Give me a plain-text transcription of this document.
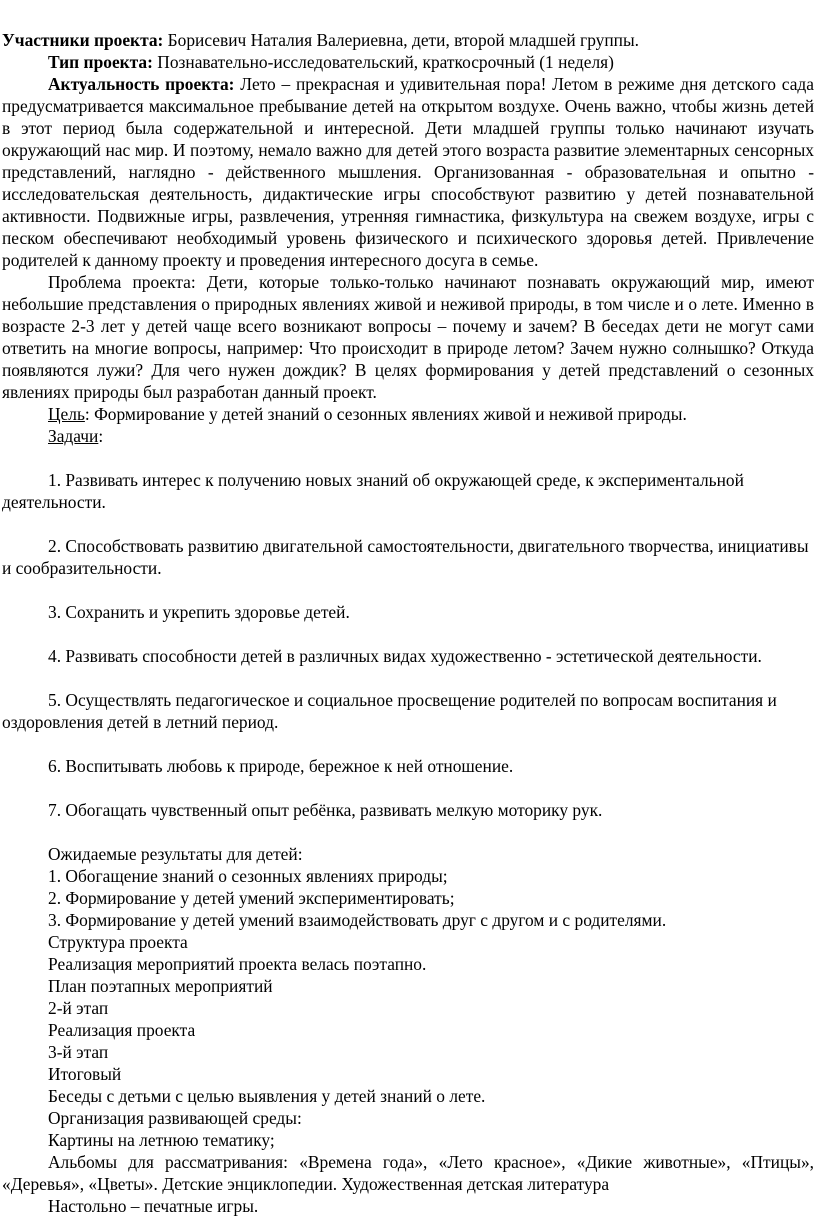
Участники проекта: Борисевич Наталия Валериевна, дети, второй младшей группы.

Тип проекта: Познавательно-исследовательский, краткосрочный (1 неделя)

Актуальность проекта: Лето – прекрасная и удивительная пора! Летом в режиме дня детского сада предусматривается максимальное пребывание детей на открытом воздухе. Очень важно, чтобы жизнь детей в этот период была содержательной и интересной. Дети младшей группы только начинают изучать окружающий нас мир. И поэтому, немало важно для детей этого возраста развитие элементарных сенсорных представлений, наглядно - действенного мышления. Организованная - образовательная и опытно - исследовательская деятельность, дидактические игры способствуют развитию у детей познавательной активности. Подвижные игры, развлечения, утренняя гимнастика, физкультура на свежем воздухе, игры с песком обеспечивают необходимый уровень физического и психического здоровья детей. Привлечение родителей к данному проекту и проведения интересного досуга в семье.

Проблема проекта: Дети, которые только-только начинают познавать окружающий мир, имеют небольшие представления о природных явлениях живой и неживой природы, в том числе и о лете. Именно в возрасте 2-3 лет у детей чаще всего возникают вопросы – почему и зачем? В беседах дети не могут сами ответить на многие вопросы, например: Что происходит в природе летом? Зачем нужно солнышко? Откуда появляются лужи? Для чего нужен дождик? В целях формирования у детей представлений о сезонных явлениях природы был разработан данный проект.

Цель: Формирование у детей знаний о сезонных явлениях живой и неживой природы.

Задачи:

1. Развивать интерес к получению новых знаний об окружающей среде, к экспериментальной деятельности.

2. Способствовать развитию двигательной самостоятельности, двигательного творчества, инициативы и сообразительности.

3. Сохранить и укрепить здоровье детей.

4. Развивать способности детей в различных видах художественно - эстетической деятельности.

5. Осуществлять педагогическое и социальное просвещение родителей по вопросам воспитания и оздоровления детей в летний период.

6. Воспитывать любовь к природе, бережное к ней отношение.

7. Обогащать чувственный опыт ребёнка, развивать мелкую моторику рук.

Ожидаемые результаты для детей:

1. Обогащение знаний о сезонных явлениях природы;

2. Формирование у детей умений экспериментировать;

3. Формирование у детей умений взаимодействовать друг с другом и с родителями.

Структура проекта

Реализация мероприятий проекта велась поэтапно.

План поэтапных мероприятий

2-й этап

Реализация проекта

3-й этап

Итоговый

Беседы с детьми с целью выявления у детей знаний о лете.

Организация развивающей среды:

Картины на летнюю тематику;

Альбомы для рассматривания: «Времена года», «Лето красное», «Дикие животные», «Птицы», «Деревья», «Цветы». Детские энциклопедии. Художественная детская литература

Настольно – печатные игры.
